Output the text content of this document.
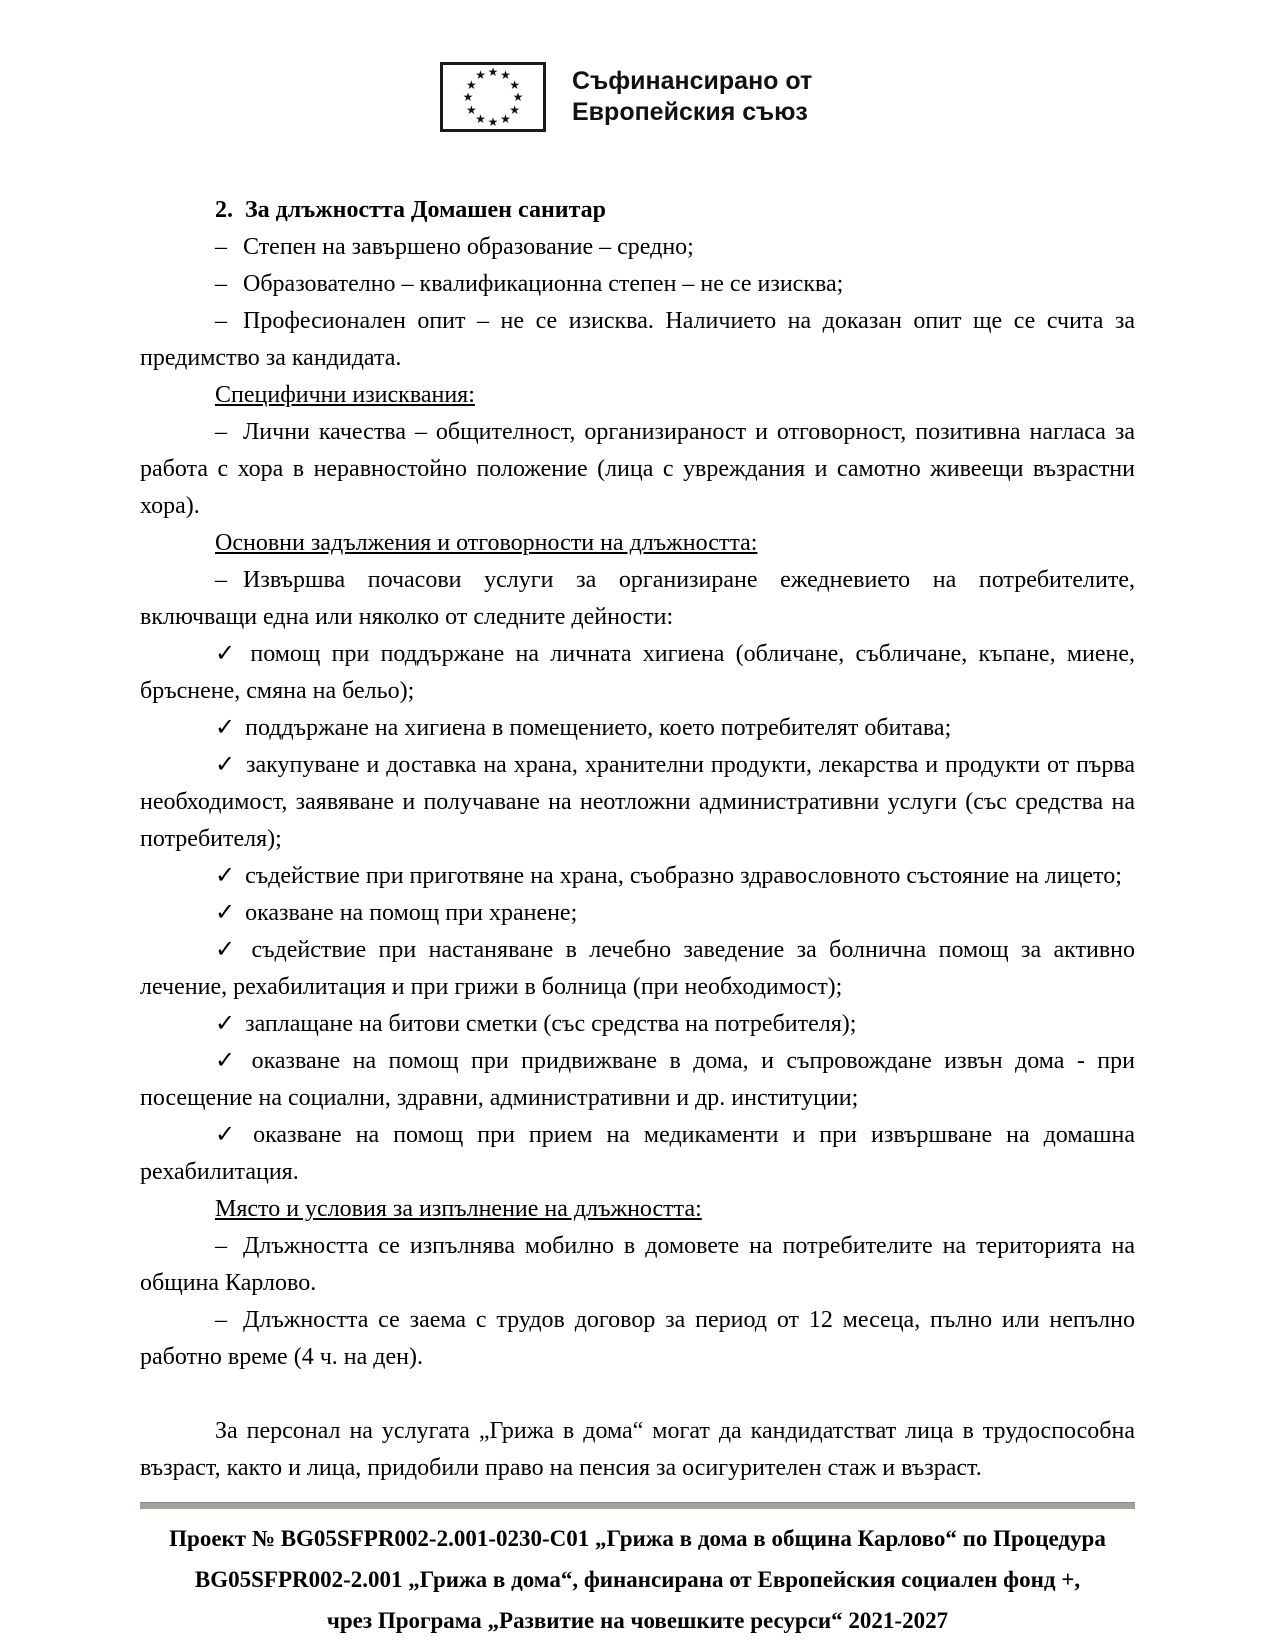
★ ★
★
★
★
★
★
★
★
★
★
★	Съфинансирано от
Европейския съюз

2. За длъжността Домашен санитар

– Степен на завършено образование – средно;

– Образователно – квалификационна степен – не се изисква;

– Професионален опит – не се изисква. Наличието на доказан опит ще се счита за предимство за кандидата.

Специфични изисквания:

– Лични качества – общителност, организираност и отговорност, позитивна нагласа за работа с хора в неравностойно положение (лица с увреждания и самотно живеещи възрастни хора).

Основни задължения и отговорности на длъжността:

– Извършва почасови услуги за организиране ежедневието на потребителите, включващи една или няколко от следните дейности:

✓ помощ при поддържане на личната хигиена (обличане, събличане, къпане, миене, бръснене, смяна на бельо);

✓ поддържане на хигиена в помещението, което потребителят обитава;

✓ закупуване и доставка на храна, хранителни продукти, лекарства и продукти от първа необходимост, заявяване и получаване на неотложни административни услуги (със средства на потребителя);

✓ съдействие при приготвяне на храна, съобразно здравословното състояние на лицето;

✓ оказване на помощ при хранене;

✓ съдействие при настаняване в лечебно заведение за болнична помощ за активно лечение, рехабилитация и при грижи в болница (при необходимост);

✓ заплащане на битови сметки (със средства на потребителя);

✓ оказване на помощ при придвижване в дома, и съпровождане извън дома - при посещение на социални, здравни, административни и др. институции;

✓ оказване на помощ при прием на медикаменти и при извършване на домашна рехабилитация.

Място и условия за изпълнение на длъжността:

– Длъжността се изпълнява мобилно в домовете на потребителите на територията на община Карлово.

– Длъжността се заема с трудов договор за период от 12 месеца, пълно или непълно работно време (4 ч. на ден).

За персонал на услугата „Грижа в дома“ могат да кандидатстват лица в трудоспособна възраст, както и лица, придобили право на пенсия за осигурителен стаж и възраст.

Проект № BG05SFPR002-2.001-0230-C01 „Грижа в дома в община Карлово“ по Процедура

BG05SFPR002-2.001 „Грижа в дома“, финансирана от Европейския социален фонд +,

чрез Програма „Развитие на човешките ресурси“ 2021-2027
